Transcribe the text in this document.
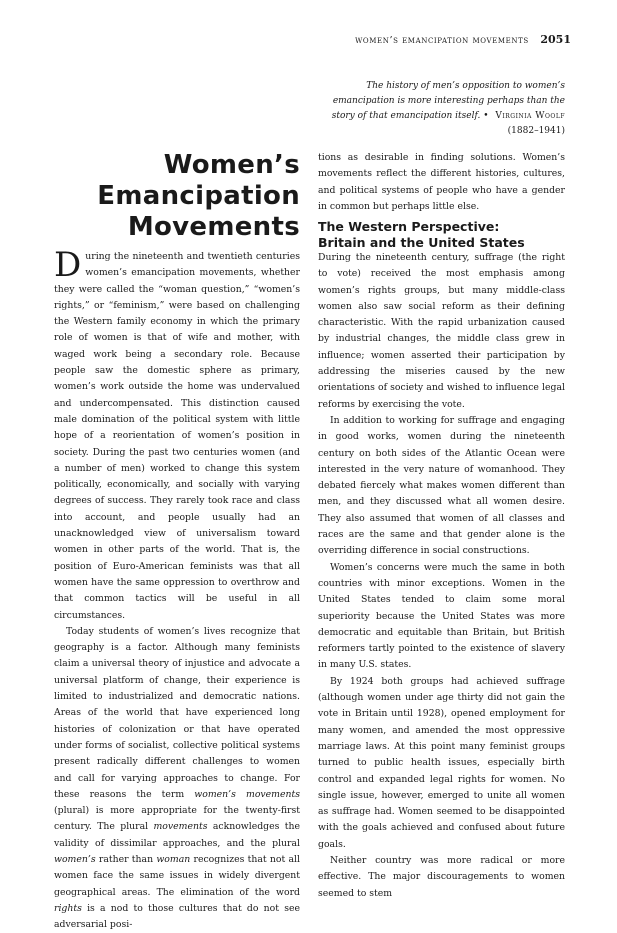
women’s emancipation movements 2051
The history of men’s opposition to women’s emancipation is more interesting perhaps than the story of that emancipation itself. • Virginia Woolf
(1882–1941)
Women’s
Emancipation
Movements

During the nineteenth and twentieth centuries women’s emancipation movements, whether they were called the “woman question,” “women’s rights,” or “feminism,” were based on challenging the Western family economy in which the primary role of women is that of wife and mother, with waged work being a secondary role. Because people saw the domestic sphere as primary, women’s work outside the home was undervalued and undercompensated. This distinction caused male domination of the political system with little hope of a reorientation of women’s position in society. During the past two centuries women (and a number of men) worked to change this system politically, economically, and socially with varying degrees of success. They rarely took race and class into account, and people usually had an unacknowledged view of universalism toward women in other parts of the world. That is, the position of Euro-American feminists was that all women have the same oppression to overthrow and that common tactics will be useful in all circumstances.

Today students of women’s lives recognize that geography is a factor. Although many feminists claim a universal theory of injustice and advocate a universal platform of change, their experience is limited to industrialized and democratic nations. Areas of the world that have experienced long histories of colonization or that have operated under forms of socialist, collective political systems present radically different challenges to women and call for varying approaches to change. For these reasons the term women’s movements (plural) is more appropriate for the twenty-first century. The plural movements acknowledges the validity of dissimilar approaches, and the plural women’s rather than woman recognizes that not all women face the same issues in widely divergent geographical areas. The elimination of the word rights is a nod to those cultures that do not see adversarial posi-

tions as desirable in finding solutions. Women’s movements reflect the different histories, cultures, and political systems of people who have a gender in common but perhaps little else.

The Western Perspective:
Britain and the United States

During the nineteenth century, suffrage (the right to vote) received the most emphasis among women’s rights groups, but many middle-class women also saw social reform as their defining characteristic. With the rapid urbanization caused by industrial changes, the middle class grew in influence; women asserted their participation by addressing the miseries caused by the new orientations of society and wished to influence legal reforms by exercising the vote.

In addition to working for suffrage and engaging in good works, women during the nineteenth century on both sides of the Atlantic Ocean were interested in the very nature of womanhood. They debated fiercely what makes women different than men, and they discussed what all women desire. They also assumed that women of all classes and races are the same and that gender alone is the overriding difference in social constructions.

Women’s concerns were much the same in both countries with minor exceptions. Women in the United States tended to claim some moral superiority because the United States was more democratic and equitable than Britain, but British reformers tartly pointed to the existence of slavery in many U.S. states.

By 1924 both groups had achieved suffrage (although women under age thirty did not gain the vote in Britain until 1928), opened employment for many women, and amended the most oppressive marriage laws. At this point many feminist groups turned to public health issues, especially birth control and expanded legal rights for women. No single issue, however, emerged to unite all women as suffrage had. Women seemed to be disappointed with the goals achieved and confused about future goals.

Neither country was more radical or more effective. The major discouragements to women seemed to stem
